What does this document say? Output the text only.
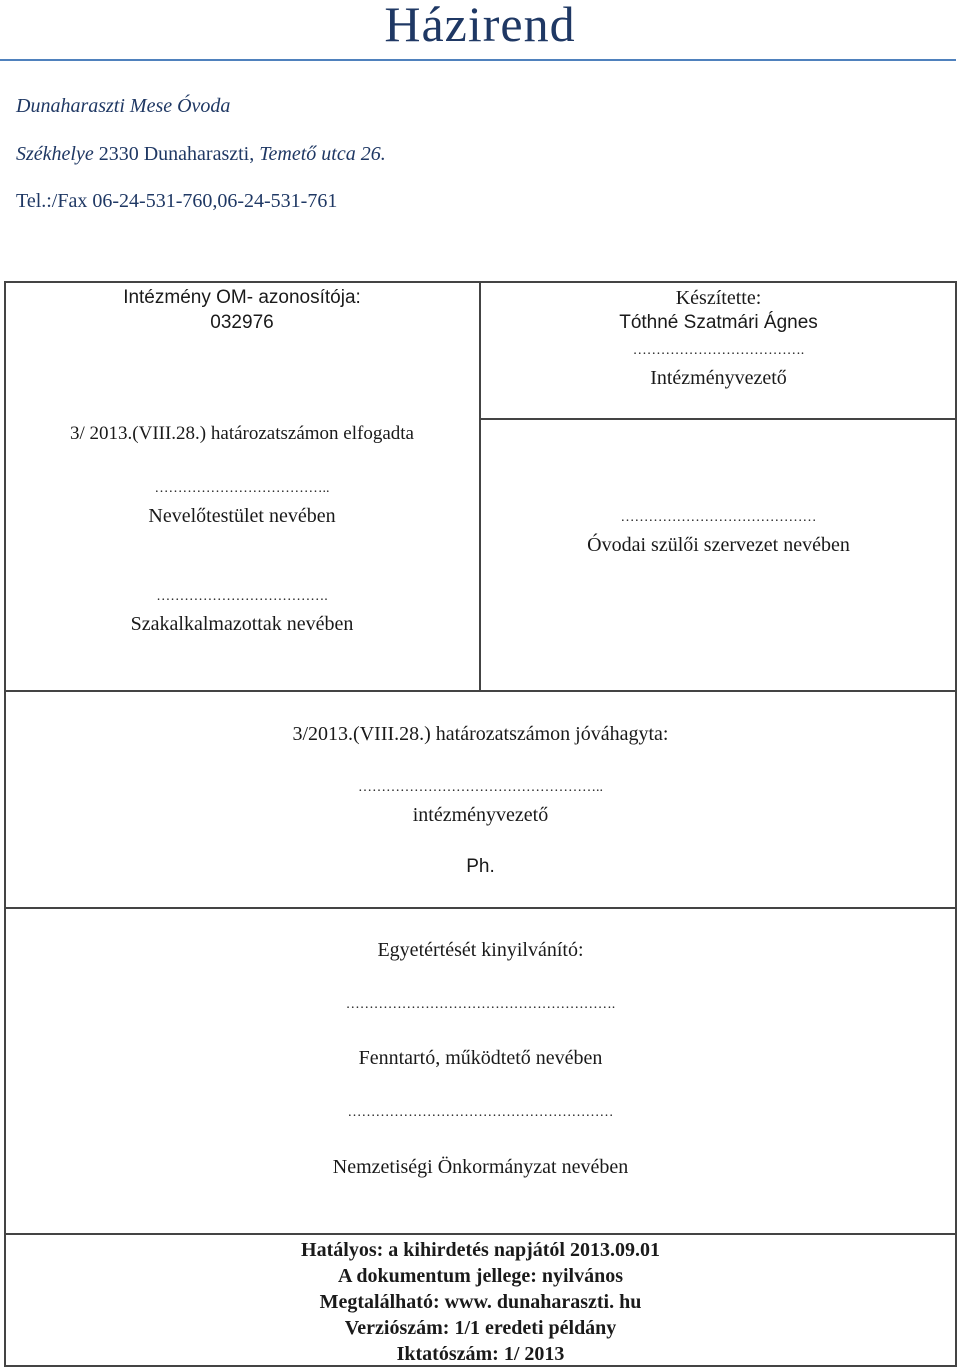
Házirend
Dunaharaszti Mese Óvoda
Székhelye 2330 Dunaharaszti, Temető utca 26.
Tel.:/Fax 06-24-531-760,06-24-531-761
Intézmény OM- azonosítója:
032976
3/ 2013.(VIII.28.) határozatszámon elfogadta
………………………………..
Nevelőtestület nevében
……………………………….
Szakalkalmazottak nevében
Készítette:
Tóthné Szatmári Ágnes
……………………………….
Intézményvezető
……………………………………
Óvodai szülői szervezet nevében
3/2013.(VIII.28.) határozatszámon jóváhagyta:
……………………………………………..
intézményvezető
Ph.
Egyetértését kinyilvánító:
………………………………………………….
Fenntartó, működtető nevében
…………………………………………………
Nemzetiségi Önkormányzat nevében
Hatályos: a kihirdetés napjától 2013.09.01
A dokumentum jellege: nyilvános
Megtalálható: www. dunaharaszti. hu
Verziószám: 1/1 eredeti példány
Iktatószám: 1/ 2013
